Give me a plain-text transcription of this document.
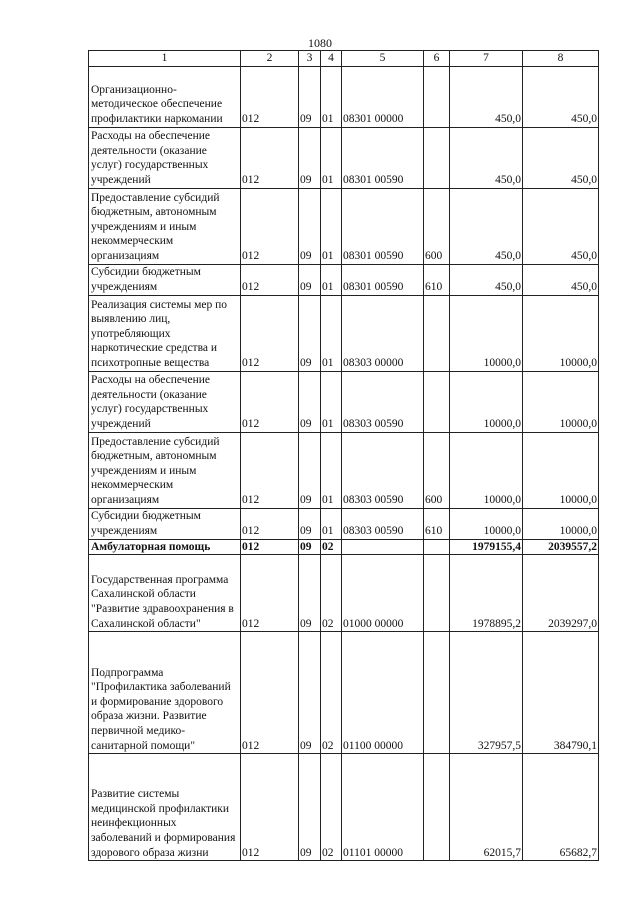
1080
1	2	3	4	5	6	7	8
Организационно-методическое обеспечение профилактики наркомании	012	09	01	08301 00000		450,0	450,0
Расходы на обеспечение деятельности (оказание услуг) государственных учреждений	012	09	01	08301 00590		450,0	450,0
Предоставление субсидий бюджетным, автономным учреждениям и иным некоммерческим организациям	012	09	01	08301 00590	600	450,0	450,0
Субсидии бюджетным учреждениям	012	09	01	08301 00590	610	450,0	450,0
Реализация системы мер по выявлению лиц, употребляющих наркотические средства и психотропные вещества	012	09	01	08303 00000		10000,0	10000,0
Расходы на обеспечение деятельности (оказание услуг) государственных учреждений	012	09	01	08303 00590		10000,0	10000,0
Предоставление субсидий бюджетным, автономным учреждениям и иным некоммерческим организациям	012	09	01	08303 00590	600	10000,0	10000,0
Субсидии бюджетным учреждениям	012	09	01	08303 00590	610	10000,0	10000,0
Амбулаторная помощь	012	09	02			1979155,4	2039557,2
Государственная программа Сахалинской области "Развитие здравоохранения в Сахалинской области"	012	09	02	01000 00000		1978895,2	2039297,0
Подпрограмма "Профилактика заболеваний и формирование здорового образа жизни. Развитие первичной медико-санитарной помощи"	012	09	02	01100 00000		327957,5	384790,1
Развитие системы медицинской профилактики неинфекционных заболеваний и формирования здорового образа жизни	012	09	02	01101 00000		62015,7	65682,7
